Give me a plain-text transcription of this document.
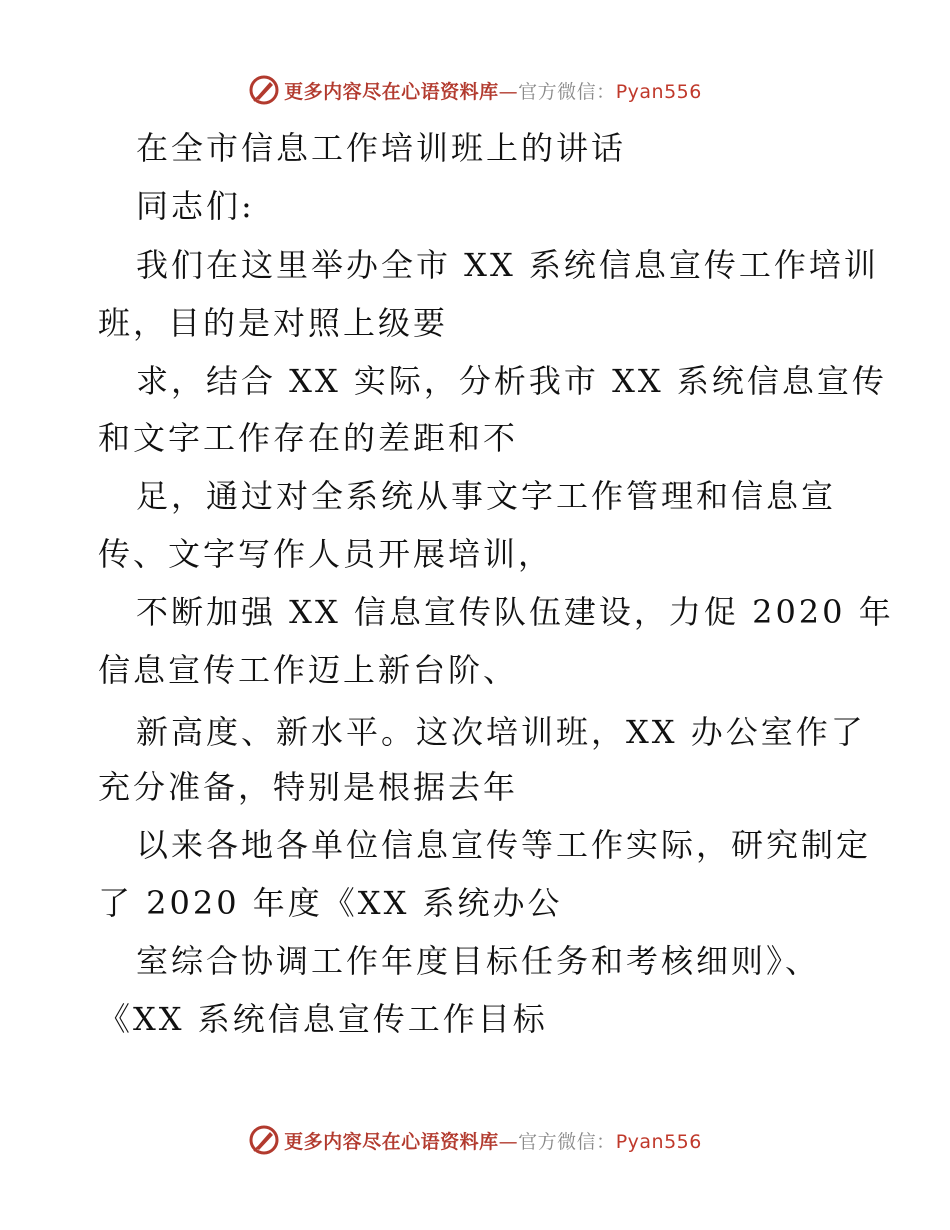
更多内容尽在心语资料库—官方微信：Pyan556
在全市信息工作培训班上的讲话
同志们:
我们在这里举办全市 XX 系统信息宣传工作培训
班，目的是对照上级要
求，结合 XX 实际，分析我市 XX 系统信息宣传
和文字工作存在的差距和不
足，通过对全系统从事文字工作管理和信息宣
传、文字写作人员开展培训，
不断加强 XX 信息宣传队伍建设，力促 2020 年
信息宣传工作迈上新台阶、
新高度、新水平。这次培训班，XX 办公室作了
充分准备，特别是根据去年
以来各地各单位信息宣传等工作实际，研究制定
了 2020 年度《XX 系统办公
室综合协调工作年度目标任务和考核细则》、
《XX 系统信息宣传工作目标
更多内容尽在心语资料库—官方微信：Pyan556
